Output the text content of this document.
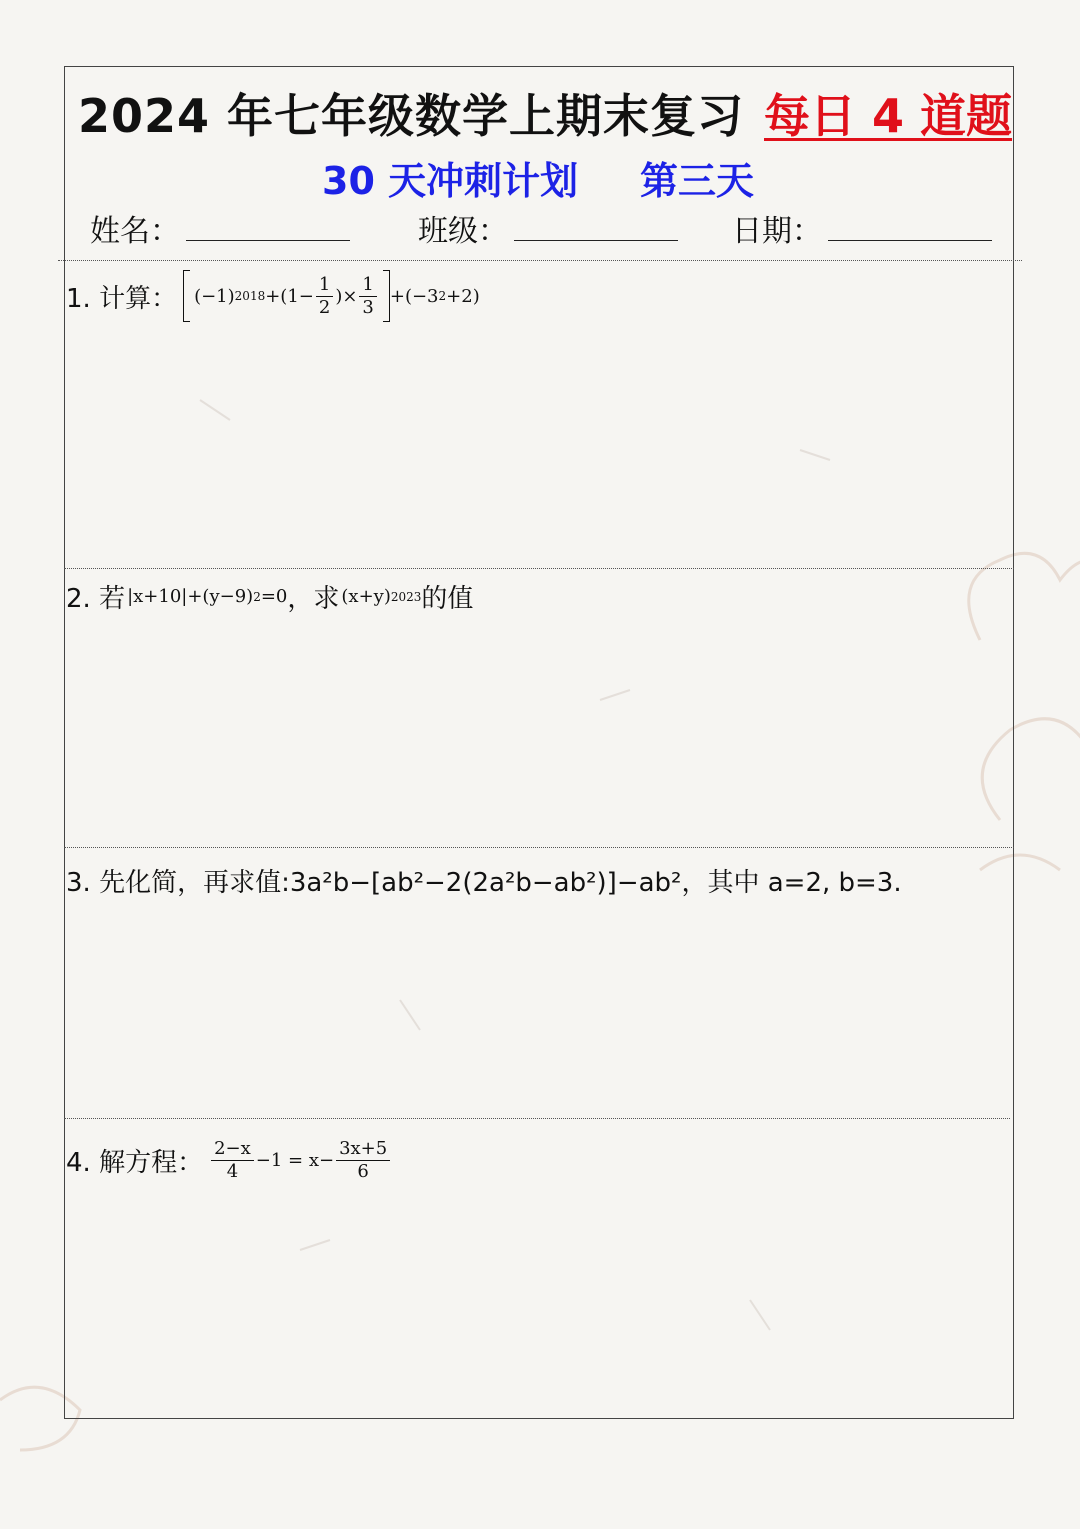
2024 年七年级数学上期末复习 每日 4 道题
30 天冲刺计划 第三天
姓名：	班级：	日期：
1. 计算： (−1) $2018 +(1- \frac{1}{2}$ )× $\frac{1}{3} +(-3$ 2 +2)
2. 若 |x+10|+(y−9) 2 =0 ，求 (x+y) 2023 的值
3. 先化简，再求值:3a²b−[ab²−2(2a²b−ab²)]−ab²，其中 a=2, b=3.
4. 解方程： $\frac{2-x}{4} -1 = x- \frac{3x+5}{6}$
